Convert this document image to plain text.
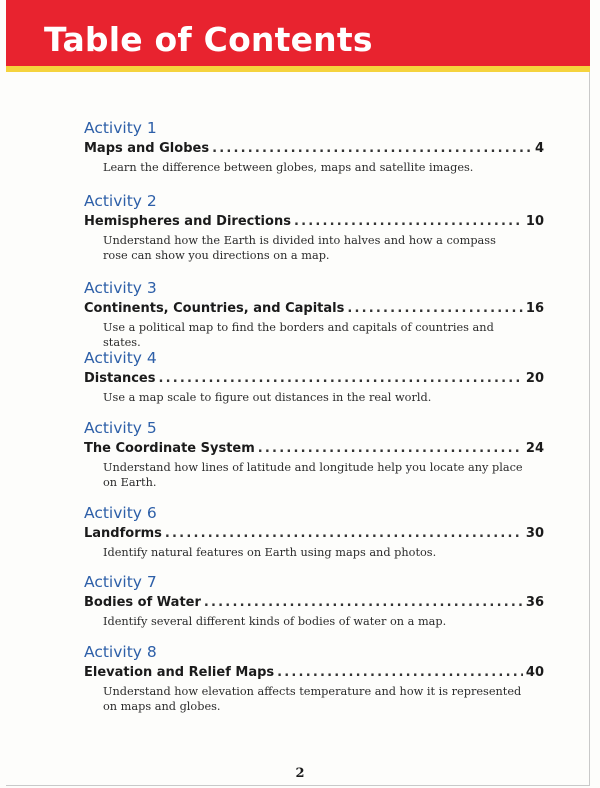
Table of Contents
Activity 1
Maps and Globes .....	4
Learn the difference between globes, maps and satellite images.
Activity 2
Hemispheres and Directions .....	10
Understand how the Earth is divided into halves and how a compass rose can show you directions on a map.
Activity 3
Continents, Countries, and Capitals .....	16
Use a political map to find the borders and capitals of countries and states.
Activity 4
Distances .....	20
Use a map scale to figure out distances in the real world.
Activity 5
The Coordinate System .....	24
Understand how lines of latitude and longitude help you locate any place on Earth.
Activity 6
Landforms .....	30
Identify natural features on Earth using maps and photos.
Activity 7
Bodies of Water .....	36
Identify several different kinds of bodies of water on a map.
Activity 8
Elevation and Relief Maps .....	40
Understand how elevation affects temperature and how it is represented on maps and globes.
2
